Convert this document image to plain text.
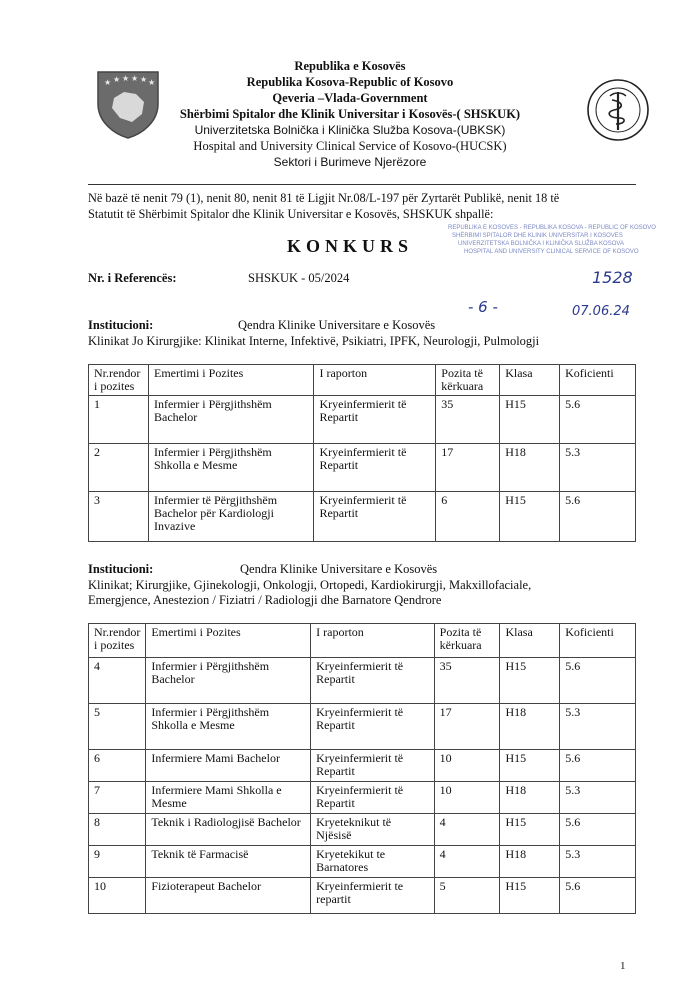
★ ★ ★ ★ ★ ★
Republika e Kosovës
Republika Kosova-Republic of Kosovo
Qeveria –Vlada-Government
Shërbimi Spitalor dhe Klinik Universitar i Kosovës-( SHSKUK)
Univerzitetska Bolnička i Klinička Služba Kosova-(UBKSK)
Hospital and University Clinical Service of Kosovo-(HUCSK)
Sektori i Burimeve Njerëzore
Në bazë të nenit 79 (1), nenit 80, nenit 81 të Ligjit Nr.08/L-197 për Zyrtarët Publikë, nenit 18 të
Statutit të Shërbimit Spitalor dhe Klinik Universitar e Kosovës, SHSKUK shpallë:
KONKURS
Nr. i Referencës:	SHSKUK - 05/2024
REPUBLIKA E KOSOVËS - REPUBLIKA KOSOVA - REPUBLIC OF KOSOVO
SHËRBIMI SPITALOR DHE KLINIK UNIVERSITAR I KOSOVES
UNIVERZITETSKA BOLNIČKA I KLINIČKA SLUŽBA KOSOVA
HOSPITAL AND UNIVERSITY CLINICAL SERVICE OF KOSOVO
1528
- 6 -	07.06.24
Institucioni:	Qendra Klinike Universitare e Kosovës
Klinikat Jo Kirurgjike: Klinikat Interne, Infektivë, Psikiatri, IPFK, Neurologji, Pulmologji
Nr.rendor i pozites	Emertimi i Pozites	I raporton	Pozita të kërkuara	Klasa	Koficienti
1	Infermier i Përgjithshëm Bachelor	Kryeinfermierit të Repartit	35	H15	5.6
2	Infermier i Përgjithshëm Shkolla e Mesme	Kryeinfermierit të Repartit	17	H18	5.3
3	Infermier të Përgjithshëm Bachelor për Kardiologji Invazive	Kryeinfermierit të Repartit	6	H15	5.6
Institucioni:	Qendra Klinike Universitare e Kosovës
Klinikat; Kirurgjike, Gjinekologji, Onkologji, Ortopedi, Kardiokirurgji, Makxillofaciale,
Emergjence, Anestezion / Fiziatri / Radiologji dhe Barnatore Qendrore
Nr.rendor i pozites	Emertimi i Pozites	I raporton	Pozita të kërkuara	Klasa	Koficienti
4	Infermier i Përgjithshëm Bachelor	Kryeinfermierit të Repartit	35	H15	5.6
5	Infermier i Përgjithshëm Shkolla e Mesme	Kryeinfermierit të Repartit	17	H18	5.3
6	Infermiere Mami Bachelor	Kryeinfermierit të Repartit	10	H15	5.6
7	Infermiere Mami Shkolla e Mesme	Kryeinfermierit të Repartit	10	H18	5.3
8	Teknik i Radiologjisë Bachelor	Kryeteknikut të Njësisë	4	H15	5.6
9	Teknik të Farmacisë	Kryetekikut te Barnatores	4	H18	5.3
10	Fizioterapeut Bachelor	Kryeinfermierit te repartit	5	H15	5.6
1
